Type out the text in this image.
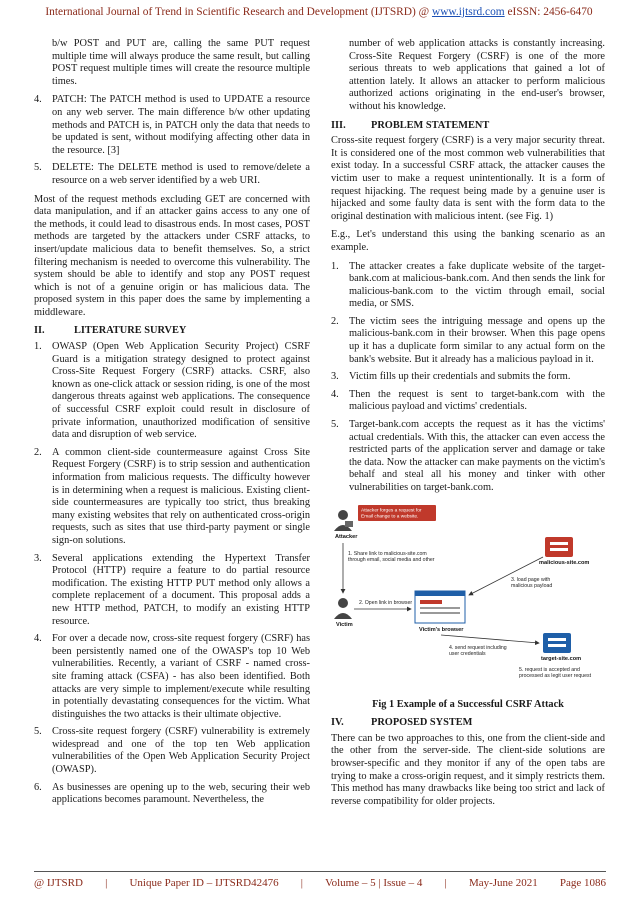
International Journal of Trend in Scientific Research and Development (IJTSRD) @ www.ijtsrd.com eISSN: 2456-6470

b/w POST and PUT are, calling the same PUT request multiple time will always produce the same result, but calling POST request multiple times will create the resource multiple times.

4. PATCH: The PATCH method is used to UPDATE a resource on any web server. The main difference b/w other updating methods and PATCH is, in PATCH only the data that needs to be updated is sent, without modifying affecting other data in the resource. [3]
5. DELETE: The DELETE method is used to remove/delete a resource on a web server identified by a web URI.

Most of the request methods excluding GET are concerned with data manipulation, and if an attacker gains access to any one of the methods, it could lead to disastrous ends. In most cases, POST methods are targeted by the attackers under CSRF attacks, to insert/update malicious data to benefit themselves. So, a strict filtering mechanism is needed to overcome this vulnerability. The system should be able to identify and stop any POST request which is not of a genuine origin or has malicious data. The proposed system in this paper does the same by implementing a middleware.

II.	LITERATURE SURVEY
1. OWASP (Open Web Application Security Project) CSRF Guard is a mitigation strategy designed to protect against Cross-Site Request Forgery (CSRF) attacks. CSRF, also known as one-click attack or session riding, is one of the most dangerous threats against web applications. The consequence of successful CSRF exploit could result in disclosure of private information, unauthorized modification of sensitive data and disruption of web service.
2. A common client-side countermeasure against Cross Site Request Forgery (CSRF) is to strip session and authentication information from malicious requests. The difficulty however is in determining when a request is malicious. Existing client-side countermeasures are typically too strict, thus breaking many existing websites that rely on authenticated cross-origin requests, such as sites that use third-party payment or single sign-on solutions.
3. Several applications extending the Hypertext Transfer Protocol (HTTP) require a feature to do partial resource modification. The existing HTTP PUT method only allows a complete replacement of a document. This proposal adds a new HTTP method, PATCH, to modify an existing HTTP resource.
4. For over a decade now, cross-site request forgery (CSRF) has been persistently named one of the OWASP's top 10 Web vulnerabilities. Recently, a variant of CSRF - named cross-site framing attack (CSFA) - has also been identified. Both attacks are very simple to implement/execute while resulting in potentially devastating consequences for the victim. What distinguishes the two attacks is their ultimate objective.
5. Cross-site request forgery (CSRF) vulnerability is extremely widespread and one of the top ten Web application vulnerabilities of the Open Web Application Security Project (OWASP).
6. As businesses are opening up to the web, securing their web applications becomes paramount. Nevertheless, the

number of web application attacks is constantly increasing. Cross-Site Request Forgery (CSRF) is one of the more serious threats to web applications that gained a lot of attention lately. It allows an attacker to perform malicious authorized actions originating in the end-user's browser, without his knowledge.

III. PROBLEM STATEMENT

Cross-site request forgery (CSRF) is a very major security threat. It is considered one of the most common web vulnerabilities that exist today. In a successful CSRF attack, the attacker causes the victim user to make a request unintentionally. It is a form of request hijacking. The request being made by a genuine user is hijacked and some faulty data is sent with the form data to the original destination with malicious intent. (see Fig. 1)

E.g., Let's understand this using the banking scenario as an example.

1. The attacker creates a fake duplicate website of the target-bank.com at malicious-bank.com. And then sends the link for malicious-bank.com to the victim through email, social media, or SMS.
2. The victim sees the intriguing message and opens up the malicious-bank.com in their browser. When this page opens up it has a duplicate form similar to any actual form on the bank's website. But it already has a malicious payload in it.
3. Victim fills up their credentials and submits the form.
4. Then the request is sent to target-bank.com with the malicious payload and victims' credentials.
5. Target-bank.com accepts the request as it has the victims' actual credentials. With this, the attacker can even access the restricted parts of the application server and damage or take the data. Now the attacker can make payments on the victim's behalf and steal all his money and tinker with other vulnerabilities on target-bank.com.
Attacker
Attacker forges a request for
Email change to a website.
malicious-site.com
1. Share link to malicious-site.com
through email, social media and other
Victim
2. Open link in browser
Victim's browser
3. load page with
malicious payload
target-site.com
4. send request including
user credentials
5. request is accepted and
processed as legit user request
Fig 1 Example of a Successful CSRF Attack
IV.	PROPOSED SYSTEM

There can be two approaches to this, one from the client-side and the other from the server-side. The client-side solutions are browser-specific and they monitor if any of the open tabs are trying to make a cross-origin request, and it simply restricts them. This method has many drawbacks like being too strict and lack of reverse compatibility for older projects.

@ IJTSRD | Unique Paper ID – IJTSRD42476 | Volume – 5 | Issue – 4 | May-June 2021 Page 1086
